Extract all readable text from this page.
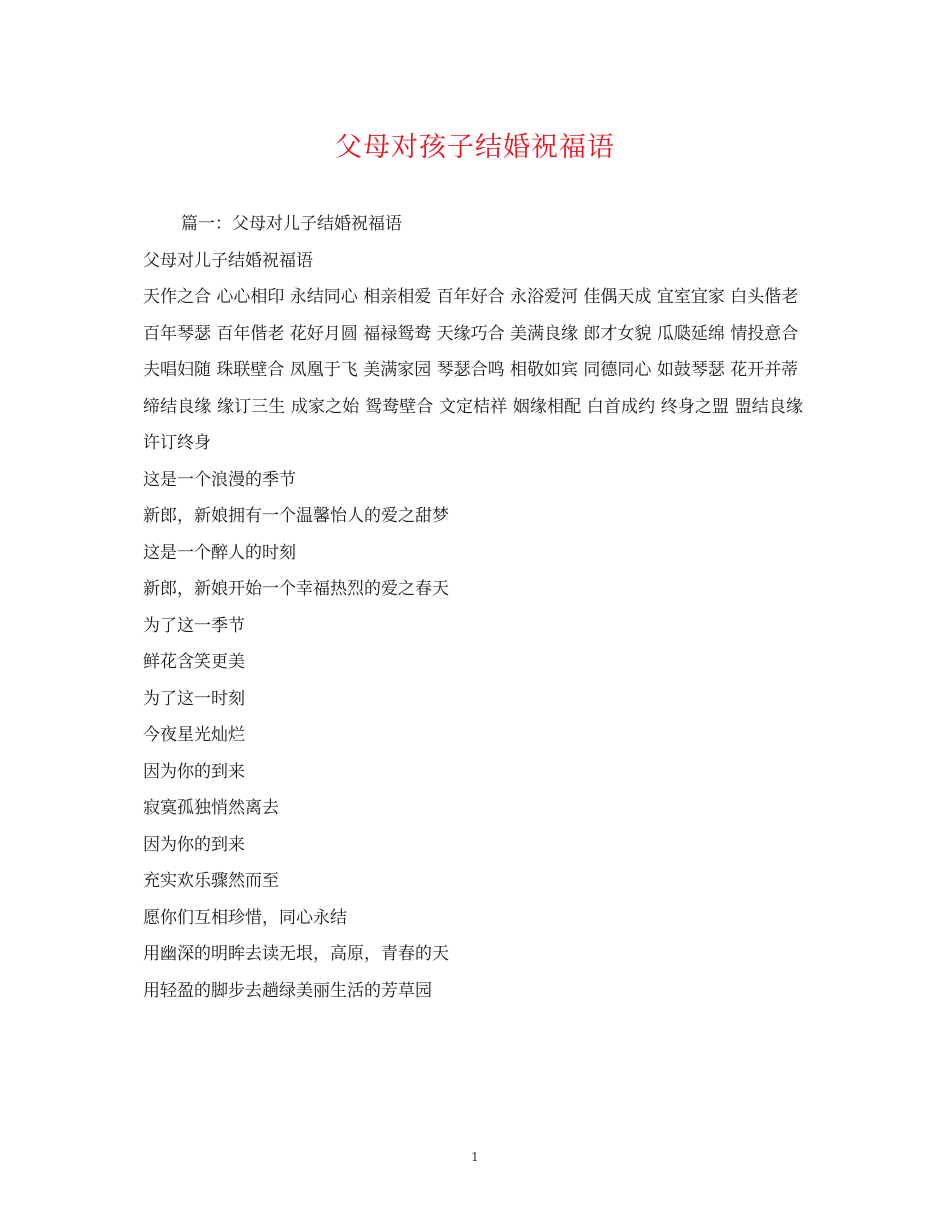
父母对孩子结婚祝福语

篇一：父母对儿子结婚祝福语

父母对儿子结婚祝福语

天作之合 心心相印 永结同心 相亲相爱 百年好合 永浴爱河 佳偶天成 宜室宜家 白头偕老

百年琴瑟 百年偕老 花好月圆 福禄鸳鸯 天缘巧合 美满良缘 郎才女貌 瓜瓞延绵 情投意合

夫唱妇随 珠联壁合 凤凰于飞 美满家园 琴瑟合鸣 相敬如宾 同德同心 如鼓琴瑟 花开并蒂

缔结良缘 缘订三生 成家之始 鸳鸯壁合 文定桔祥 姻缘相配 白首成约 终身之盟 盟结良缘 许订终身

这是一个浪漫的季节

新郎，新娘拥有一个温馨怡人的爱之甜梦

这是一个醉人的时刻

新郎，新娘开始一个幸福热烈的爱之春天

为了这一季节

鲜花含笑更美

为了这一时刻

今夜星光灿烂

因为你的到来

寂寞孤独悄然离去

因为你的到来

充实欢乐骤然而至

愿你们互相珍惜，同心永结

用幽深的明眸去读无垠，高原，青春的天

用轻盈的脚步去趟绿美丽生活的芳草园

1
